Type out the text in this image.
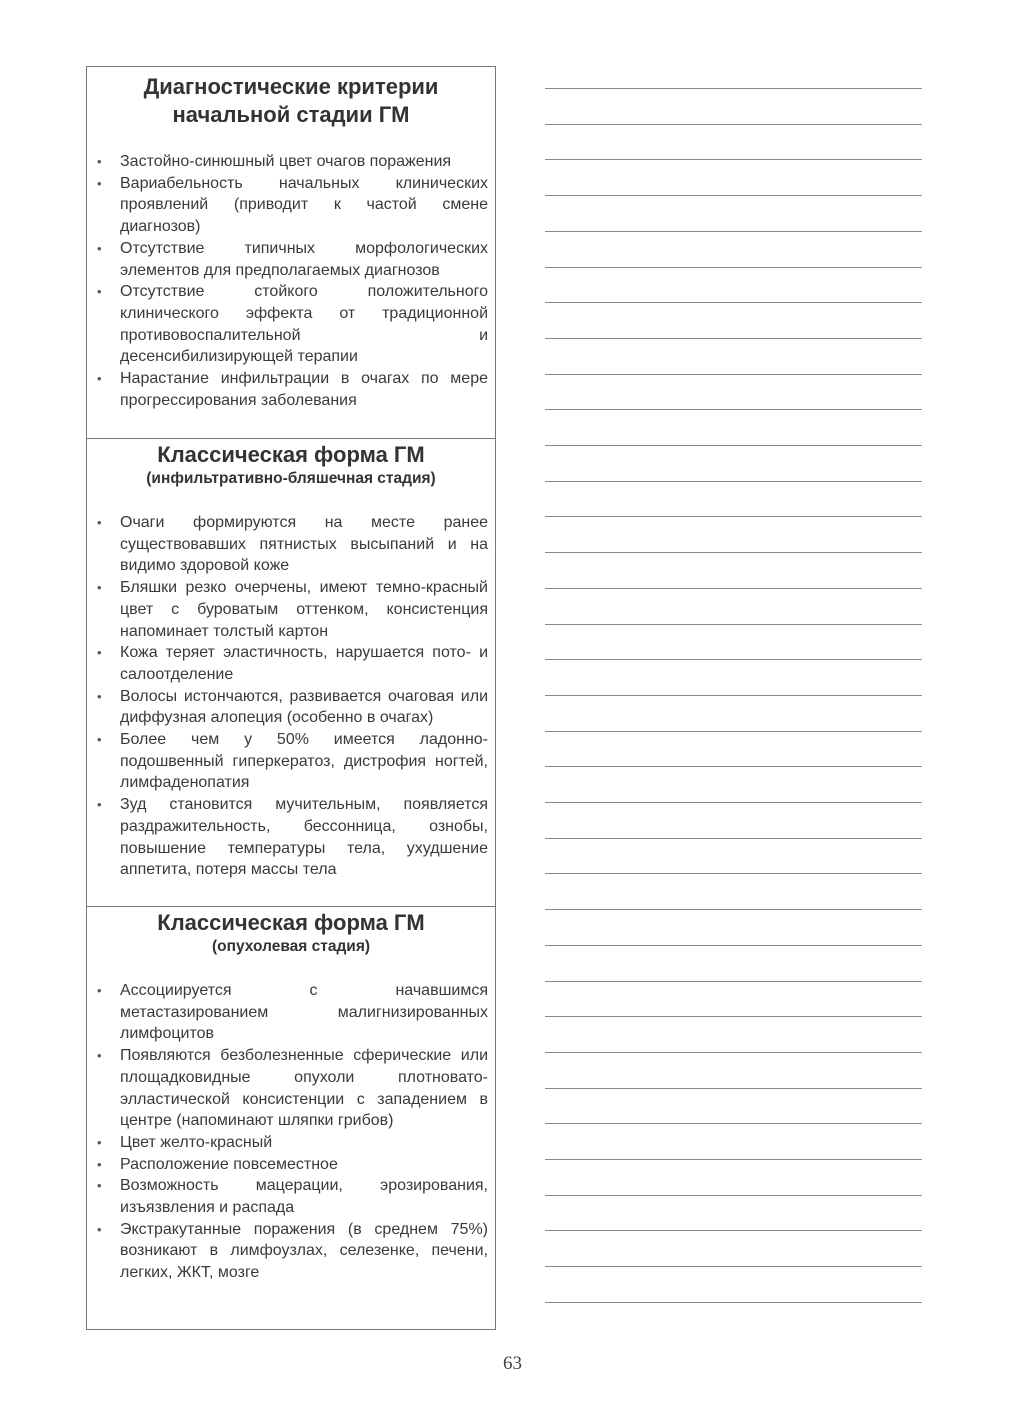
Диагностические критерии начальной стадии ГМ
• Застойно-синюшный цвет очагов поражения
• Вариабельность начальных клинических проявлений (приводит к частой смене диагнозов)
• Отсутствие типичных морфологических элементов для предполагаемых диагнозов
• Отсутствие стойкого положительного клинического эффекта от традиционной противовоспалительной и десенсибилизирующей терапии
• Нарастание инфильтрации в очагах по мере прогрессирования заболевания
Классическая форма ГМ

(инфильтративно-бляшечная стадия)

• Очаги формируются на месте ранее существовавших пятнистых высыпаний и на видимо здоровой коже
• Бляшки резко очерчены, имеют темно-красный цвет с буроватым оттенком, консистенция напоминает толстый картон
• Кожа теряет эластичность, нарушается пото- и салоотделение
• Волосы истончаются, развивается очаговая или диффузная алопеция (особенно в очагах)
• Более чем у 50% имеется ладонно-подошвенный гиперкератоз, дистрофия ногтей, лимфаденопатия
• Зуд становится мучительным, появляется раздражительность, бессонница, ознобы, повышение температуры тела, ухудшение аппетита, потеря массы тела
Классическая форма ГМ

(опухолевая стадия)

• Ассоциируется с начавшимся метастазированием малигнизированных лимфоцитов
• Появляются безболезненные сферические или площадковидные опухоли плотновато-элластической консистенции с западением в центре (напоминают шляпки грибов)
• Цвет желто-красный
• Расположение повсеместное
• Возможность мацерации, эрозирования, изъязвления и распада
• Экстракутанные поражения (в среднем 75%) возникают в лимфоузлах, селезенке, печени, легких, ЖКТ, мозге
63
